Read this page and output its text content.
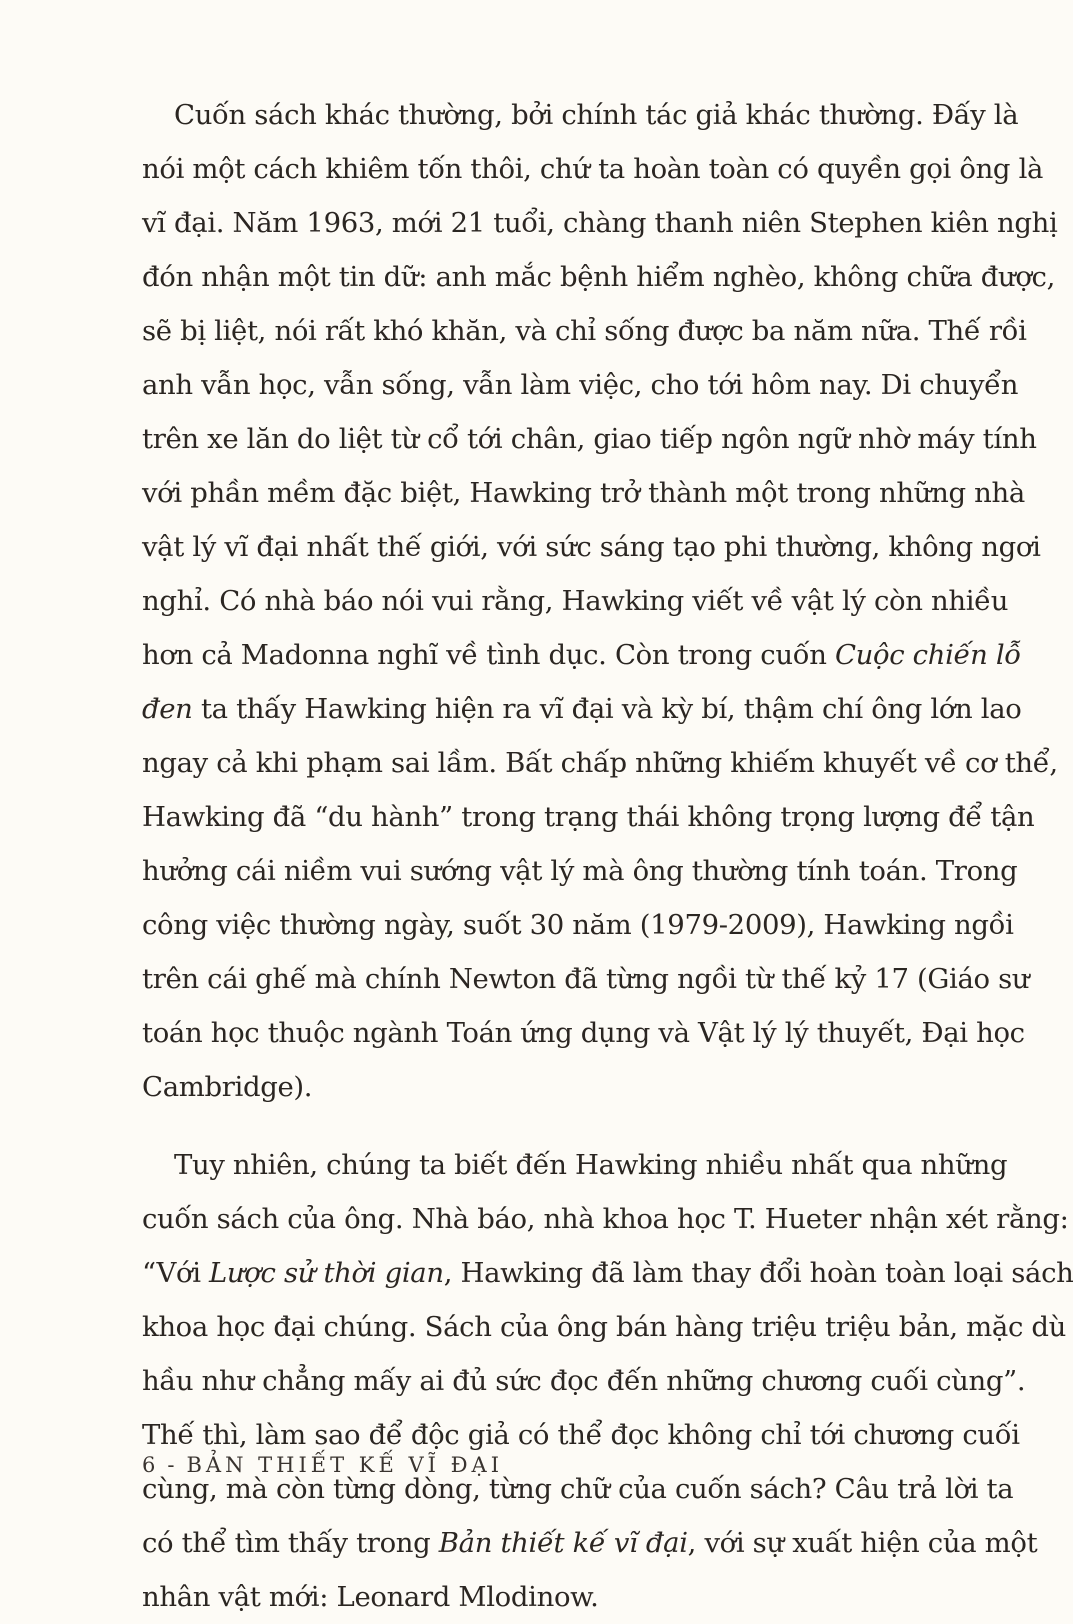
Cuốn sách khác thường, bởi chính tác giả khác thường. Đấy là
nói một cách khiêm tốn thôi, chứ ta hoàn toàn có quyền gọi ông là
vĩ đại. Năm 1963, mới 21 tuổi, chàng thanh niên Stephen kiên nghị
đón nhận một tin dữ: anh mắc bệnh hiểm nghèo, không chữa được,
sẽ bị liệt, nói rất khó khăn, và chỉ sống được ba năm nữa. Thế rồi
anh vẫn học, vẫn sống, vẫn làm việc, cho tới hôm nay. Di chuyển
trên xe lăn do liệt từ cổ tới chân, giao tiếp ngôn ngữ nhờ máy tính
với phần mềm đặc biệt, Hawking trở thành một trong những nhà
vật lý vĩ đại nhất thế giới, với sức sáng tạo phi thường, không ngơi
nghỉ. Có nhà báo nói vui rằng, Hawking viết về vật lý còn nhiều
hơn cả Madonna nghĩ về tình dục. Còn trong cuốn Cuộc chiến lỗ
đen ta thấy Hawking hiện ra vĩ đại và kỳ bí, thậm chí ông lớn lao
ngay cả khi phạm sai lầm. Bất chấp những khiếm khuyết về cơ thể,
Hawking đã “du hành” trong trạng thái không trọng lượng để tận
hưởng cái niềm vui sướng vật lý mà ông thường tính toán. Trong
công việc thường ngày, suốt 30 năm (1979-2009), Hawking ngồi
trên cái ghế mà chính Newton đã từng ngồi từ thế kỷ 17 (Giáo sư
toán học thuộc ngành Toán ứng dụng và Vật lý lý thuyết, Đại học
Cambridge).

Tuy nhiên, chúng ta biết đến Hawking nhiều nhất qua những
cuốn sách của ông. Nhà báo, nhà khoa học T. Hueter nhận xét rằng:
“Với Lược sử thời gian, Hawking đã làm thay đổi hoàn toàn loại sách
khoa học đại chúng. Sách của ông bán hàng triệu triệu bản, mặc dù
hầu như chẳng mấy ai đủ sức đọc đến những chương cuối cùng”.
Thế thì, làm sao để độc giả có thể đọc không chỉ tới chương cuối
cùng, mà còn từng dòng, từng chữ của cuốn sách? Câu trả lời ta
có thể tìm thấy trong Bản thiết kế vĩ đại, với sự xuất hiện của một
nhân vật mới: Leonard Mlodinow.

6 - BẢN THIẾT KẾ VĨ ĐẠI
